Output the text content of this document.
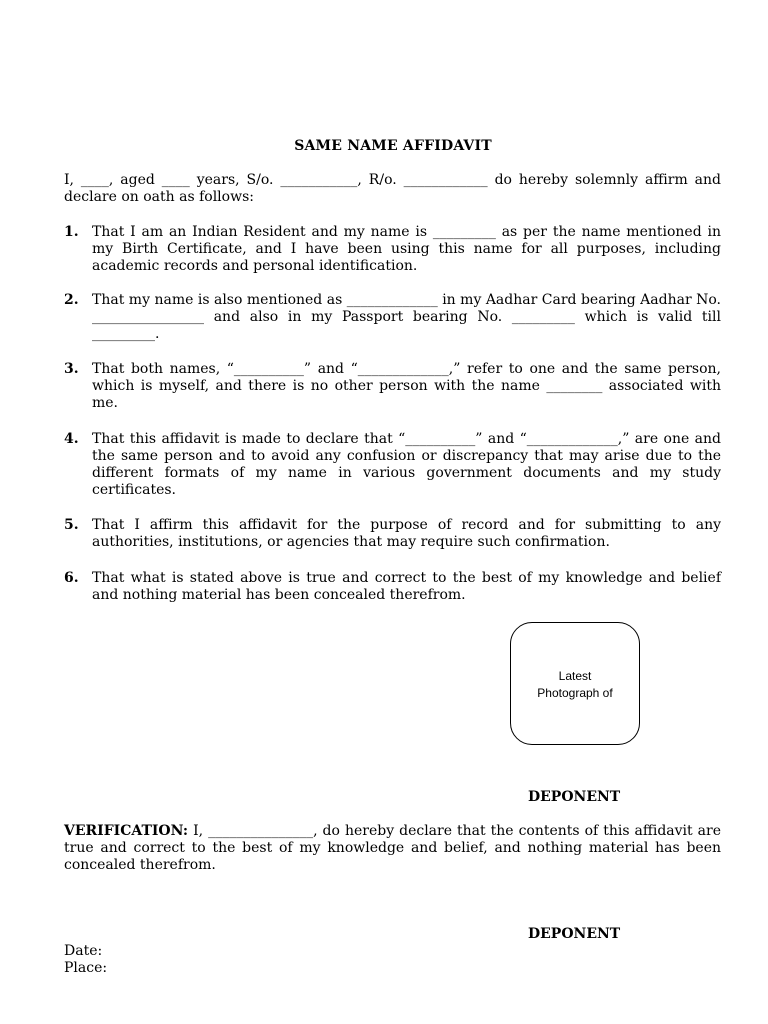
SAME NAME AFFIDAVIT
I, ____, aged ____ years, S/o. ___________, R/o. ____________ do hereby solemnly affirm and declare on oath as follows:
1. That I am an Indian Resident and my name is _________ as per the name mentioned in my Birth Certificate, and I have been using this name for all purposes, including academic records and personal identification.
2. That my name is also mentioned as _____________ in my Aadhar Card bearing Aadhar No. ________________ and also in my Passport bearing No. _________ which is valid till _________.
3. That both names, “__________” and “_____________,” refer to one and the same person, which is myself, and there is no other person with the name ________ associated with me.
4. That this affidavit is made to declare that “__________” and “_____________,” are one and the same person and to avoid any confusion or discrepancy that may arise due to the different formats of my name in various government documents and my study certificates.
5. That I affirm this affidavit for the purpose of record and for submitting to any authorities, institutions, or agencies that may require such confirmation.
6. That what is stated above is true and correct to the best of my knowledge and belief and nothing material has been concealed therefrom.
Latest
Photograph of
DEPONENT
VERIFICATION: I, _______________, do hereby declare that the contents of this affidavit are true and correct to the best of my knowledge and belief, and nothing material has been concealed therefrom.
DEPONENT
Date:
Place:
